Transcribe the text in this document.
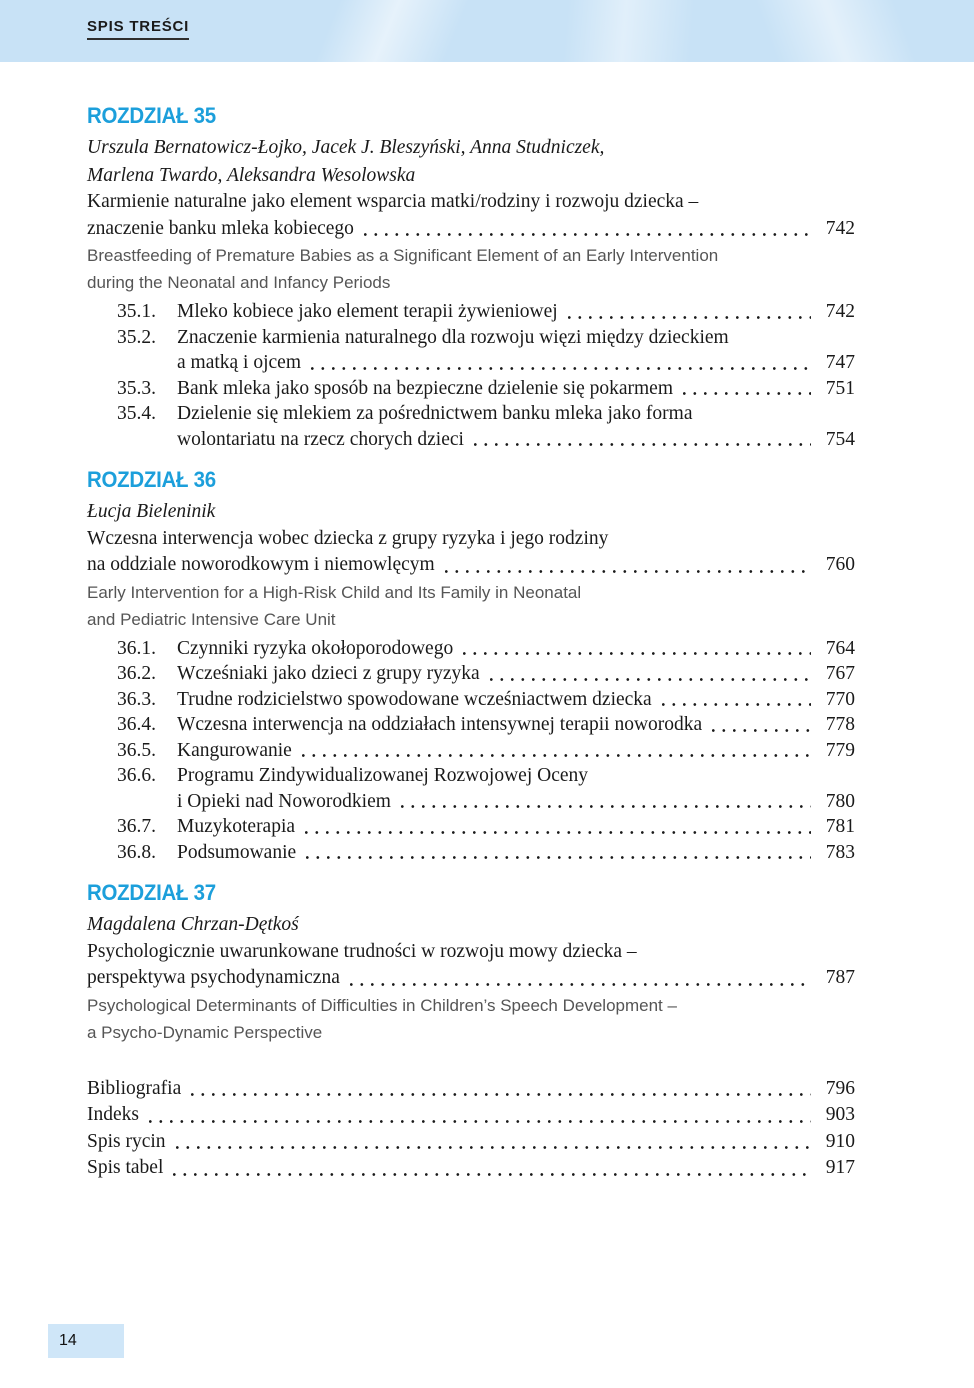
SPIS TREŚCI
ROZDZIAŁ 35

Urszula Bernatowicz-Łojko, Jacek J. Bleszyński, Anna Studniczek,

Marlena Twardo, Aleksandra Wesolowska

Karmienie naturalne jako element wsparcia matki/rodziny i rozwoju dziecka –

znaczenie banku mleka kobiecego	742

Breastfeeding of Premature Babies as a Significant Element of an Early Intervention

during the Neonatal and Infancy Periods

35.1.	Mleko kobiece jako element terapii żywieniowej	742
35.2.	Znaczenie karmienia naturalnego dla rozwoju więzi między dzieckiem
a matką i ojcem	747
35.3.	Bank mleka jako sposób na bezpieczne dzielenie się pokarmem	751
35.4.	Dzielenie się mlekiem za pośrednictwem banku mleka jako forma
wolontariatu na rzecz chorych dzieci	754
ROZDZIAŁ 36

Łucja Bieleninik

Wczesna interwencja wobec dziecka z grupy ryzyka i jego rodziny

na oddziale noworodkowym i niemowlęcym	760

Early Intervention for a High-Risk Child and Its Family in Neonatal

and Pediatric Intensive Care Unit

36.1.	Czynniki ryzyka okołoporodowego	764
36.2.	Wcześniaki jako dzieci z grupy ryzyka	767
36.3.	Trudne rodzicielstwo spowodowane wcześniactwem dziecka	770
36.4.	Wczesna interwencja na oddziałach intensywnej terapii noworodka	778
36.5.	Kangurowanie	779
36.6.	Programu Zindywidualizowanej Rozwojowej Oceny
i Opieki nad Noworodkiem	780
36.7.	Muzykoterapia	781
36.8.	Podsumowanie	783
ROZDZIAŁ 37

Magdalena Chrzan-Dętkoś

Psychologicznie uwarunkowane trudności w rozwoju mowy dziecka –

perspektywa psychodynamiczna	787

Psychological Determinants of Difficulties in Children’s Speech Development –

a Psycho-Dynamic Perspective

Bibliografia	796
Indeks	903
Spis rycin	910
Spis tabel	917
14
